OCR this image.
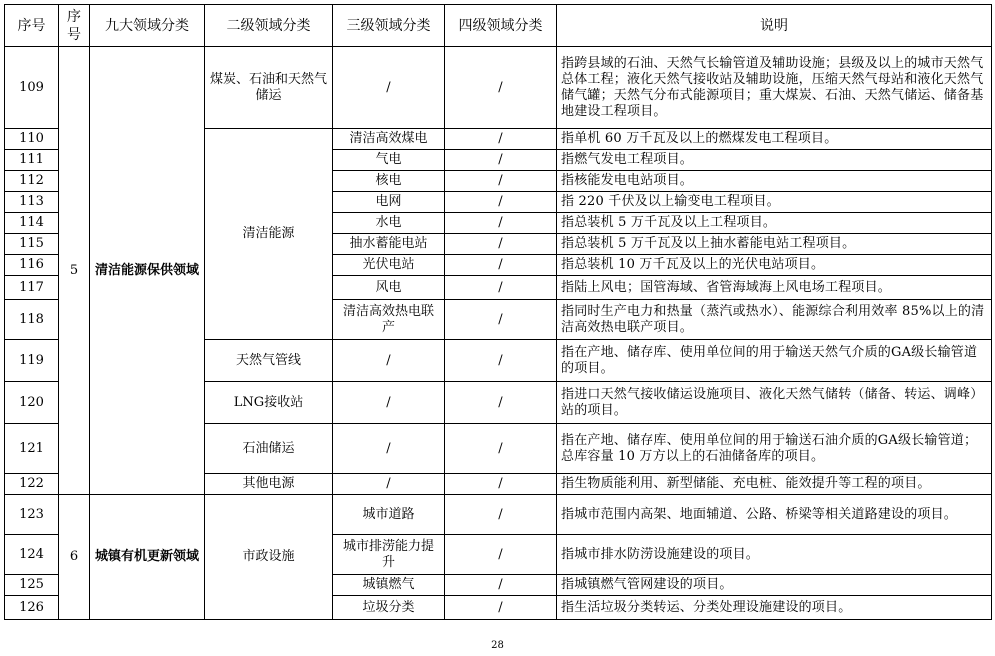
序号	序号	九大领域分类	二级领域分类	三级领域分类	四级领域分类	说明
109	5	清洁能源保供领域	煤炭、石油和天然气储运	/	/	指跨县域的石油、天然气长输管道及辅助设施；县级及以上的城市天然气总体工程；液化天然气接收站及辅助设施，压缩天然气母站和液化天然气储气罐；天然气分布式能源项目；重大煤炭、石油、天然气储运、储备基地建设工程项目。
110			清洁能源	清洁高效煤电	/	指单机 60 万千瓦及以上的燃煤发电工程项目。
111				气电	/	指燃气发电工程项目。
112				核电	/	指核能发电电站项目。
113				电网	/	指 220 千伏及以上输变电工程项目。
114				水电	/	指总装机 5 万千瓦及以上工程项目。
115				抽水蓄能电站	/	指总装机 5 万千瓦及以上抽水蓄能电站工程项目。
116				光伏电站	/	指总装机 10 万千瓦及以上的光伏电站项目。
117				风电	/	指陆上风电；国管海域、省管海域海上风电场工程项目。
118				清洁高效热电联产	/	指同时生产电力和热量（蒸汽或热水）、能源综合利用效率 85%以上的清洁高效热电联产项目。
119			天然气管线	/	/	指在产地、储存库、使用单位间的用于输送天然气介质的GA级长输管道的项目。
120			LNG接收站	/	/	指进口天然气接收储运设施项目、液化天然气储转（储备、转运、调峰）站的项目。
121			石油储运	/	/	指在产地、储存库、使用单位间的用于输送石油介质的GA级长输管道；总库容量 10 万方以上的石油储备库的项目。
122			其他电源	/	/	指生物质能利用、新型储能、充电桩、能效提升等工程的项目。
123	6	城镇有机更新领域	市政设施	城市道路	/	指城市范围内高架、地面辅道、公路、桥梁等相关道路建设的项目。
124				城市排涝能力提升	/	指城市排水防涝设施建设的项目。
125				城镇燃气	/	指城镇燃气管网建设的项目。
126				垃圾分类	/	指生活垃圾分类转运、分类处理设施建设的项目。
28
